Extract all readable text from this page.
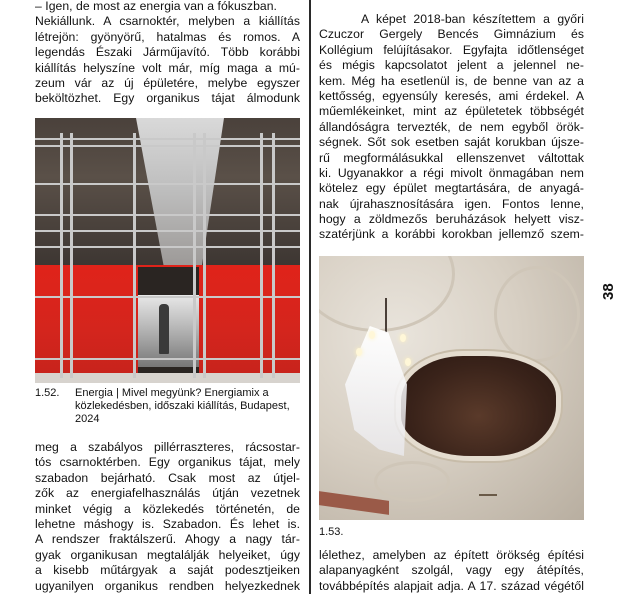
– Igen, de most az energia van a fókuszban.
Nekiállunk. A csarnoktér, melyben a kiállítás
létrejön: gyönyörű, hatalmas és romos. A
legendás Északi Járműjavító. Több korábbi
kiállítás helyszíne volt már, míg maga a mú-
zeum vár az új épületére, melybe egyszer
beköltözhet. Egy organikus tájat álmodunk
1.52. Energia | Mivel megyünk? Energiamix a közlekedésben, időszaki kiállítás, Budapest, 2024
meg a szabályos pillérraszteres, rácsostar-
tós csarnoktérben. Egy organikus tájat, mely
szabadon bejárható. Csak most az útjel-
zők az energiafelhasználás útján vezetnek
minket végig a közlekedés történetén, de
lehetne máshogy is. Szabadon. És lehet is.
A rendszer fraktálszerű. Ahogy a nagy tár-
gyak organikusan megtalálják helyeiket, úgy
a kisebb műtárgyak a saját podesztjeiken
ugyanilyen organikus rendben helyezkednek
A képet 2018-ban készítettem a győri
Czuczor Gergely Bencés Gimnázium és
Kollégium felújításakor. Egyfajta időtlenséget
és mégis kapcsolatot jelent a jelennel ne-
kem. Még ha esetlenül is, de benne van az a
kettősség, egyensúly keresés, ami érdekel. A
műemlékeinket, mint az épületetek többségét
állandóságra tervezték, de nem egyből örök-
ségnek. Sőt sok esetben saját korukban újsze-
rű megformálásukkal ellenszenvet váltottak
ki. Ugyanakkor a régi mivolt önmagában nem
kötelez egy épület megtartására, de anyagá-
nak újrahasznosítására igen. Fontos lenne,
hogy a zöldmezős beruházások helyett visz-
szatérjünk a korábbi korokban jellemző szem-
1.53.
lélethez, amelyben az épített örökség építési
alapanyagként szolgál, vagy egy átépítés,
továbbépítés alapjait adja. A 17. század végétől
38
